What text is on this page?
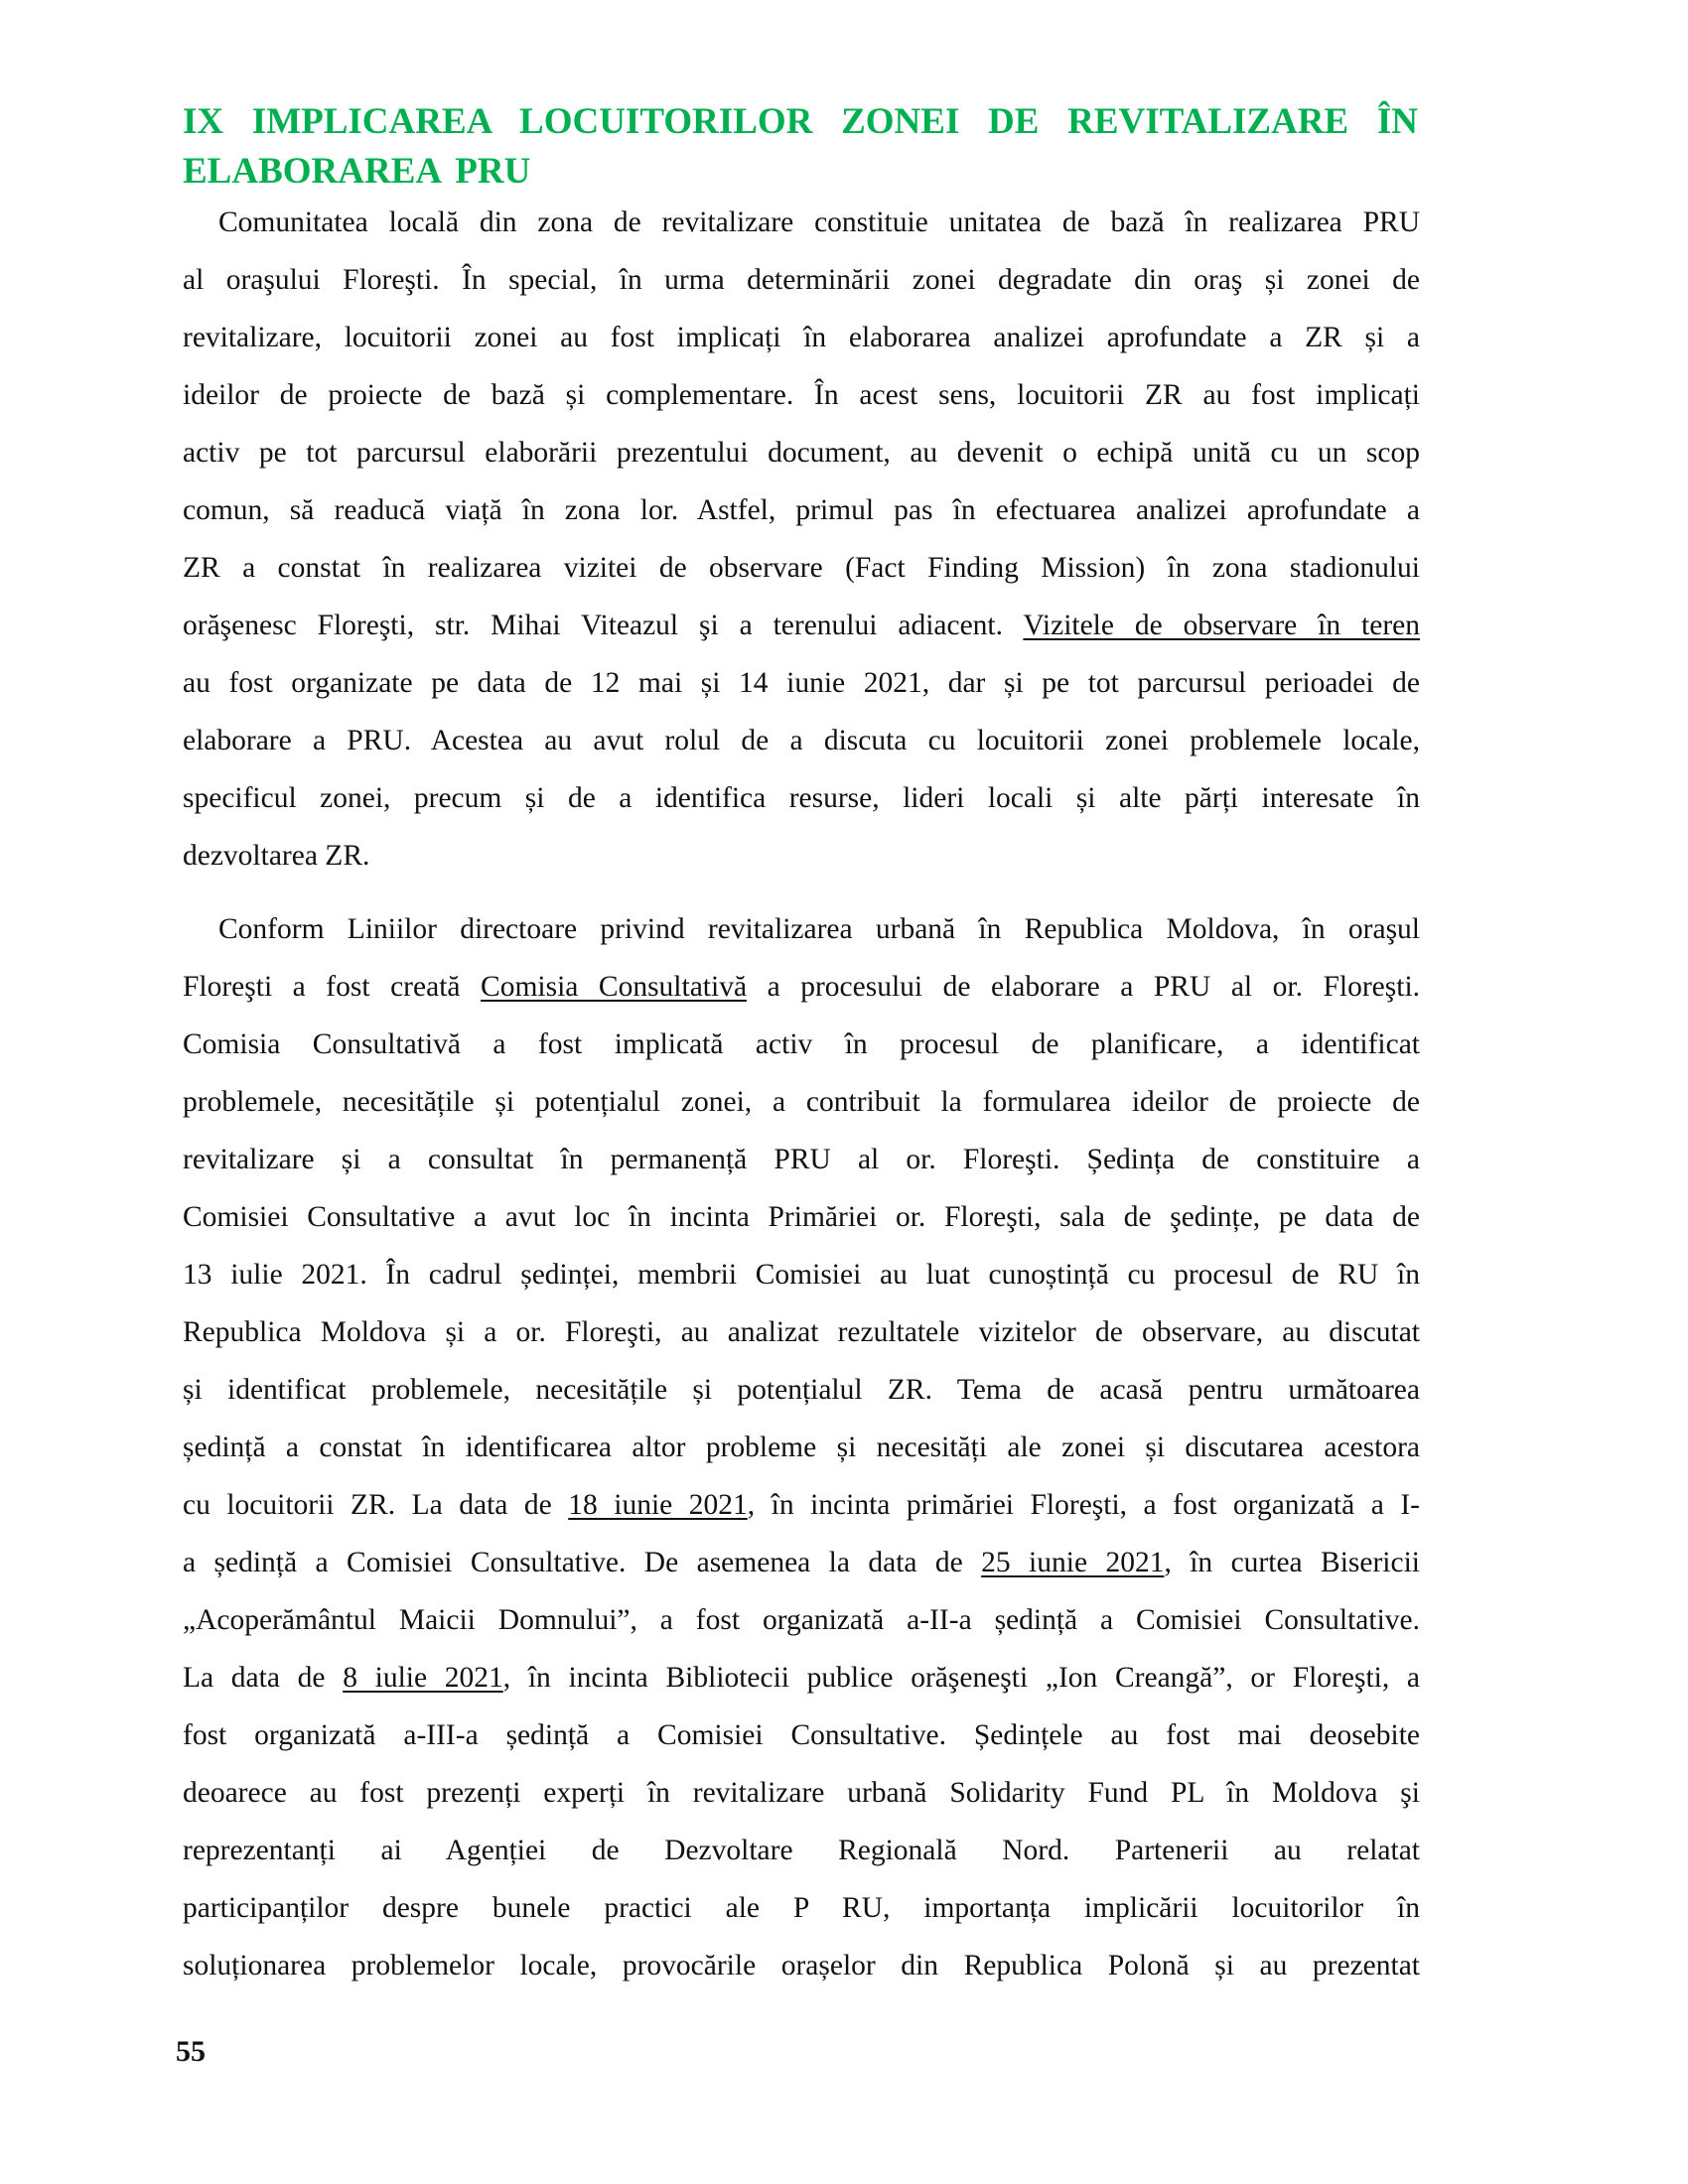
IX IMPLICAREA LOCUITORILOR ZONEI DE REVITALIZARE ÎN
ELABORAREA PRU
Comunitatea locală din zona de revitalizare constituie unitatea de bază în realizarea PRU
al oraşului Floreşti. În special, în urma determinării zonei degradate din oraş și zonei de
revitalizare, locuitorii zonei au fost implicați în elaborarea analizei aprofundate a ZR și a
ideilor de proiecte de bază și complementare. În acest sens, locuitorii ZR au fost implicați
activ pe tot parcursul elaborării prezentului document, au devenit o echipă unită cu un scop
comun, să readucă viață în zona lor. Astfel, primul pas în efectuarea analizei aprofundate a
ZR a constat în realizarea vizitei de observare (Fact Finding Mission) în zona stadionului
orăşenesc Floreşti, str. Mihai Viteazul şi a terenului adiacent. Vizitele de observare în teren
au fost organizate pe data de 12 mai și 14 iunie 2021, dar și pe tot parcursul perioadei de
elaborare a PRU. Acestea au avut rolul de a discuta cu locuitorii zonei problemele locale,
specificul zonei, precum și de a identifica resurse, lideri locali și alte părți interesate în
dezvoltarea ZR.
Conform Liniilor directoare privind revitalizarea urbană în Republica Moldova, în oraşul
Floreşti a fost creată Comisia Consultativă a procesului de elaborare a PRU al or. Floreşti.
Comisia Consultativă a fost implicată activ în procesul de planificare, a identificat
problemele, necesitățile și potențialul zonei, a contribuit la formularea ideilor de proiecte de
revitalizare și a consultat în permanență PRU al or. Floreşti. Ședința de constituire a
Comisiei Consultative a avut loc în incinta Primăriei or. Floreşti, sala de şedințe, pe data de
13 iulie 2021. În cadrul ședinței, membrii Comisiei au luat cunoștință cu procesul de RU în
Republica Moldova și a or. Floreşti, au analizat rezultatele vizitelor de observare, au discutat
și identificat problemele, necesitățile și potențialul ZR. Tema de acasă pentru următoarea
ședință a constat în identificarea altor probleme și necesități ale zonei și discutarea acestora
cu locuitorii ZR. La data de 18 iunie 2021, în incinta primăriei Floreşti, a fost organizată a I-
a ședință a Comisiei Consultative. De asemenea la data de 25 iunie 2021, în curtea Bisericii
„Acoperământul Maicii Domnului”, a fost organizată a-II-a ședință a Comisiei Consultative.
La data de 8 iulie 2021, în incinta Bibliotecii publice orăşeneşti „Ion Creangă”, or Floreşti, a
fost organizată a-III-a ședință a Comisiei Consultative. Ședințele au fost mai deosebite
deoarece au fost prezenți experți în revitalizare urbană Solidarity Fund PL în Moldova şi
reprezentanți ai Agenției de Dezvoltare Regională Nord. Partenerii au relatat
participanților despre bunele practici ale P RU, importanța implicării locuitorilor în
soluționarea problemelor locale, provocările orașelor din Republica Polonă și au prezentat
55
